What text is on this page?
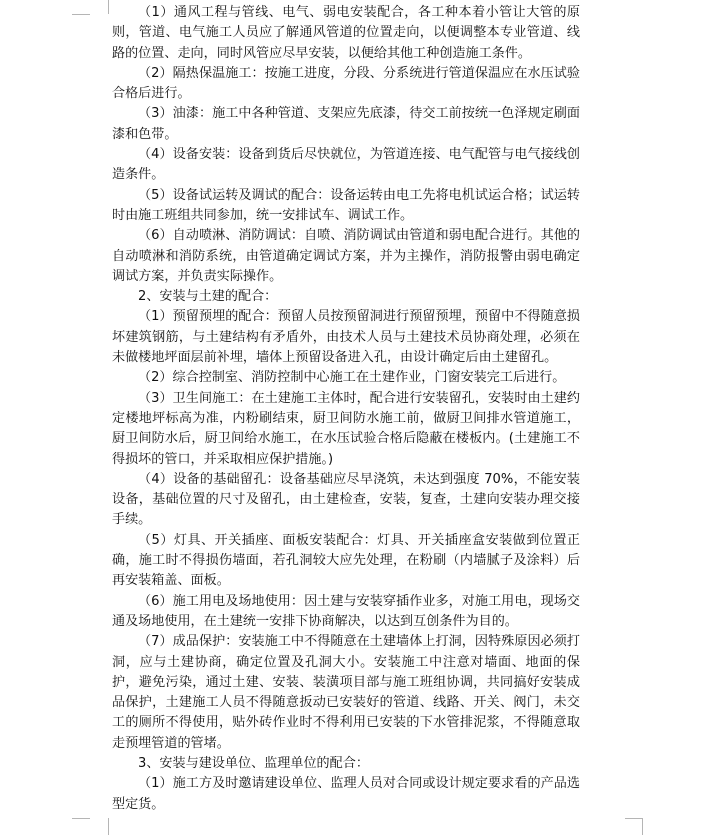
（1）通风工程与管线、电气、弱电安装配合，各工种本着小管让大管的原则，管道、电气施工人员应了解通风管道的位置走向，以便调整本专业管道、线路的位置、走向，同时风管应尽早安装，以便给其他工种创造施工条件。

（2）隔热保温施工：按施工进度，分段、分系统进行管道保温应在水压试验合格后进行。

（3）油漆：施工中各种管道、支架应先底漆，待交工前按统一色泽规定刷面漆和色带。

（4）设备安装：设备到货后尽快就位，为管道连接、电气配管与电气接线创造条件。

（5）设备试运转及调试的配合：设备运转由电工先将电机试运合格；试运转时由施工班组共同参加，统一安排试车、调试工作。

（6）自动喷淋、消防调试：自喷、消防调试由管道和弱电配合进行。其他的自动喷淋和消防系统，由管道确定调试方案，并为主操作，消防报警由弱电确定调试方案，并负责实际操作。

2、安装与土建的配合：

（1）预留预埋的配合：预留人员按预留洞进行预留预埋，预留中不得随意损坏建筑钢筋，与土建结构有矛盾外，由技术人员与土建技术员协商处理，必须在未做楼地坪面层前补埋，墙体上预留设备进入孔，由设计确定后由土建留孔。

（2）综合控制室、消防控制中心施工在土建作业，门窗安装完工后进行。

（3）卫生间施工：在土建施工主体时，配合进行安装留孔，安装时由土建约定楼地坪标高为准，内粉刷结束，厨卫间防水施工前，做厨卫间排水管道施工，厨卫间防水后，厨卫间给水施工，在水压试验合格后隐蔽在楼板内。(土建施工不得损坏的管口，并采取相应保护措施。)

（4）设备的基础留孔：设备基础应尽早浇筑，未达到强度 70%，不能安装设备，基础位置的尺寸及留孔，由土建检查，安装，复查，土建向安装办理交接手续。

（5）灯具、开关插座、面板安装配合：灯具、开关插座盒安装做到位置正确，施工时不得损伤墙面，若孔洞较大应先处理，在粉刷（内墙腻子及涂料）后再安装箱盖、面板。

（6）施工用电及场地使用：因土建与安装穿插作业多，对施工用电，现场交通及场地使用，在土建统一安排下协商解决，以达到互创条件为目的。

（7）成品保护：安装施工中不得随意在土建墙体上打洞，因特殊原因必须打洞，应与土建协商，确定位置及孔洞大小。安装施工中注意对墙面、地面的保护，避免污染，通过土建、安装、装潢项目部与施工班组协调，共同搞好安装成品保护，土建施工人员不得随意扳动已安装好的管道、线路、开关、阀门，未交工的厕所不得使用，贴外砖作业时不得利用已安装的下水管排泥浆，不得随意取走预埋管道的管堵。

3、安装与建设单位、监理单位的配合：

（1）施工方及时邀请建设单位、监理人员对合同或设计规定要求看的产品选型定货。
